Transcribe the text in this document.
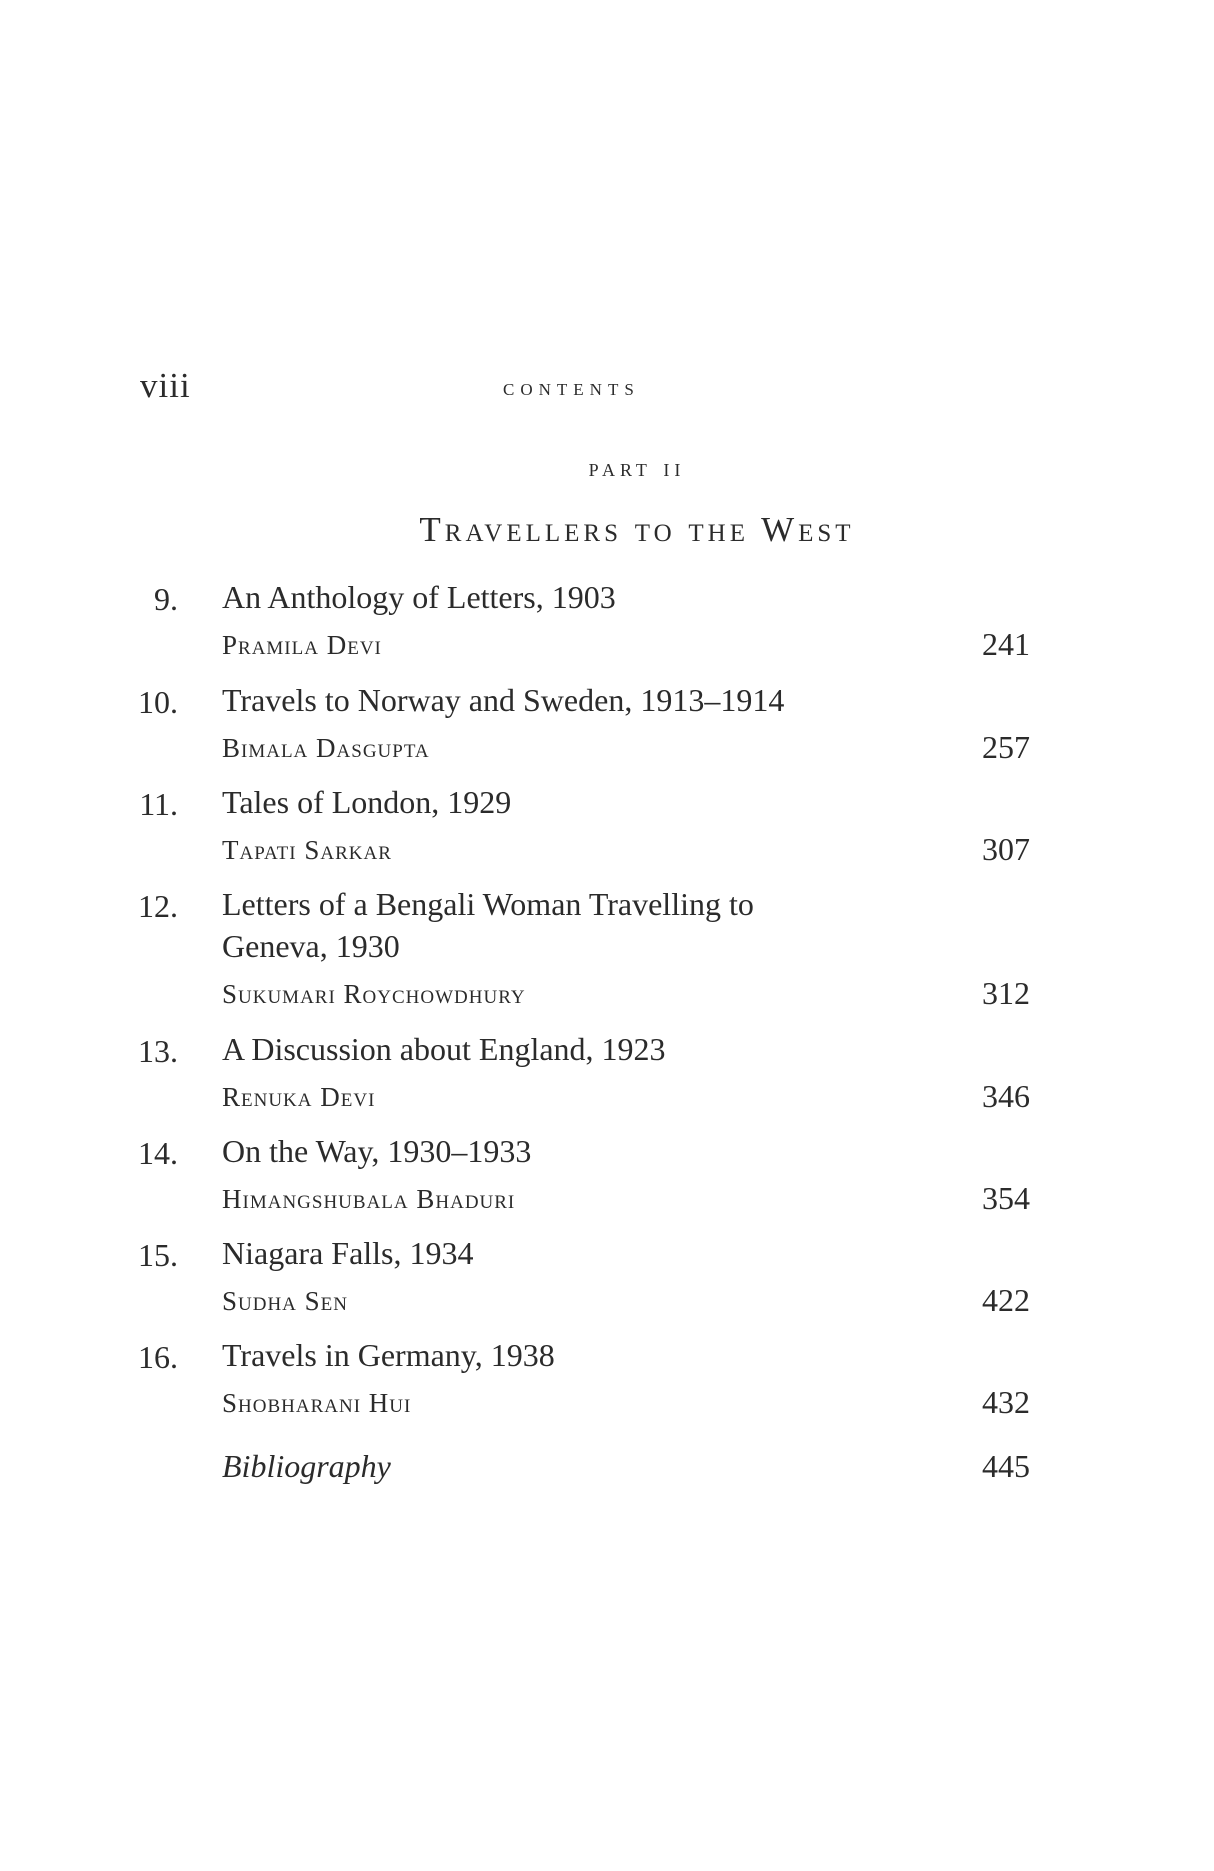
viii	contents
part ii
Travellers to the West
9. An Anthology of Letters, 1903
Pramila Devi	241
10. Travels to Norway and Sweden, 1913–1914
Bimala Dasgupta	257
11. Tales of London, 1929
Tapati Sarkar	307
12. Letters of a Bengali Woman Travelling to Geneva, 1930
Sukumari Roychowdhury	312
13. A Discussion about England, 1923
Renuka Devi	346
14. On the Way, 1930–1933
Himangshubala Bhaduri	354
15. Niagara Falls, 1934
Sudha Sen	422
16. Travels in Germany, 1938
Shobharani Hui	432
Bibliography	445
